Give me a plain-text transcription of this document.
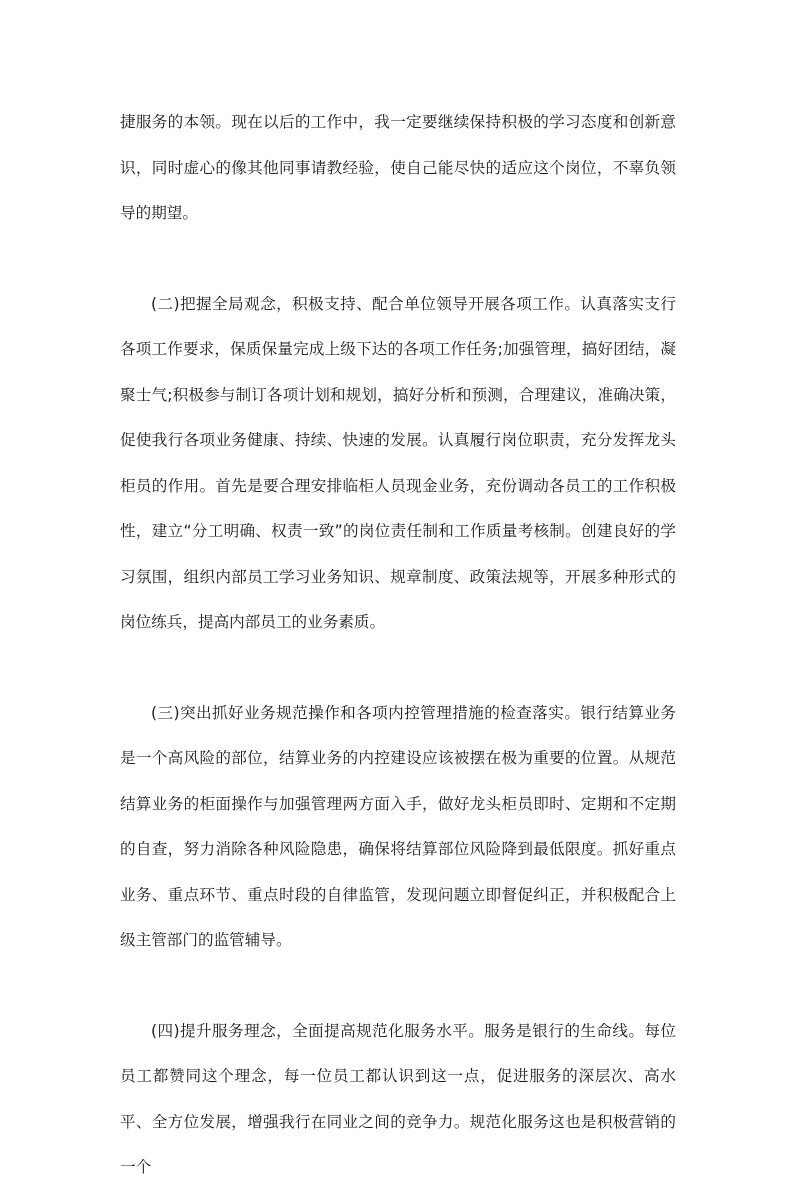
捷服务的本领。现在以后的工作中，我一定要继续保持积极的学习态度和创新意识，同时虚心的像其他同事请教经验，使自己能尽快的适应这个岗位，不辜负领导的期望。

(二)把握全局观念，积极支持、配合单位领导开展各项工作。认真落实支行各项工作要求，保质保量完成上级下达的各项工作任务;加强管理，搞好团结，凝聚士气;积极参与制订各项计划和规划，搞好分析和预测，合理建议，准确决策，促使我行各项业务健康、持续、快速的发展。认真履行岗位职责，充分发挥龙头柜员的作用。首先是要合理安排临柜人员现金业务，充份调动各员工的工作积极性，建立“分工明确、权责一致”的岗位责任制和工作质量考核制。创建良好的学习氛围，组织内部员工学习业务知识、规章制度、政策法规等，开展多种形式的岗位练兵，提高内部员工的业务素质。

(三)突出抓好业务规范操作和各项内控管理措施的检查落实。银行结算业务是一个高风险的部位，结算业务的内控建设应该被摆在极为重要的位置。从规范结算业务的柜面操作与加强管理两方面入手，做好龙头柜员即时、定期和不定期的自查，努力消除各种风险隐患，确保将结算部位风险降到最低限度。抓好重点业务、重点环节、重点时段的自律监管，发现问题立即督促纠正，并积极配合上级主管部门的监管辅导。

(四)提升服务理念，全面提高规范化服务水平。服务是银行的生命线。每位员工都赞同这个理念，每一位员工都认识到这一点，促进服务的深层次、高水平、全方位发展，增强我行在同业之间的竞争力。规范化服务这也是积极营销的一个
